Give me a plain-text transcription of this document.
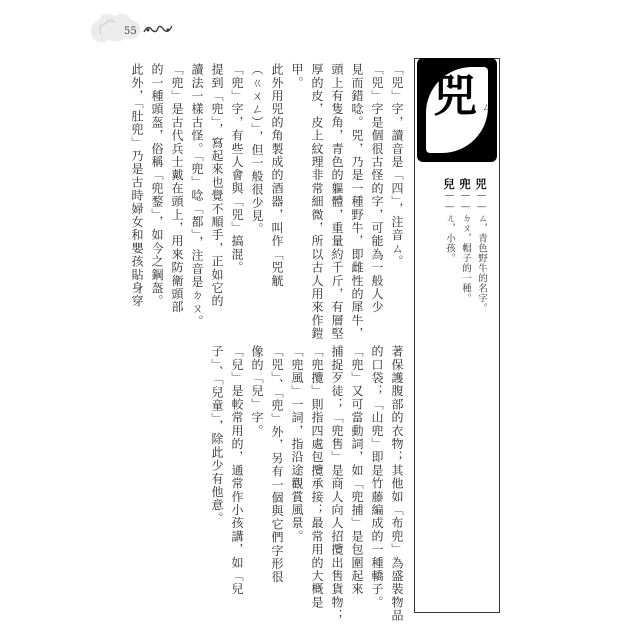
55
兕 ㄙ
兕——ㄙ，青色野牛的名字。
兜——ㄉㄡ，帽子的一種。
兒——ㄦ，小孩。
「兕」字，讀音是「四」，注音ㄙ。
「兕」字是個很古怪的字，可能為一般人少
見而錯唸。兕，乃是一種野牛，即雌性的犀牛，
頭上有隻角，青色的軀體，重量約千斤，有層堅
厚的皮，皮上紋理非常細微，所以古人用來作鎧
甲。
此外用兕的角製成的酒器，叫作「兕觥
（ㄍㄨㄥ）」，但一般很少見。
「兜」字，有些人會與「兕」搞混。
提到「兜」，寫起來也覺不順手，正如它的
讀法一樣古怪。「兜」唸「都」，注音是ㄉㄡ。
「兜」是古代兵士戴在頭上，用來防衛頭部
的一種頭盔，俗稱「兜鍪」，如今之鋼盔。
此外，「肚兜」乃是古時婦女和嬰孩貼身穿
著保護腹部的衣物；其他如「布兜」為盛裝物品
的口袋；「山兜」即是竹藤編成的一種轎子。
「兜」又可當動詞，如「兜捕」是包圍起來
捕捉歹徒；「兜售」是商人向人招攬出售貨物；
「兜攬」則指四處包攬承接；最常用的大概是
「兜風」一詞，指沿途觀賞風景。
「兕」、「兜」外，另有一個與它們字形很
像的「兒」字。
「兒」是較常用的，通常作小孩講，如「兒
子」、「兒童」，除此少有他意。
